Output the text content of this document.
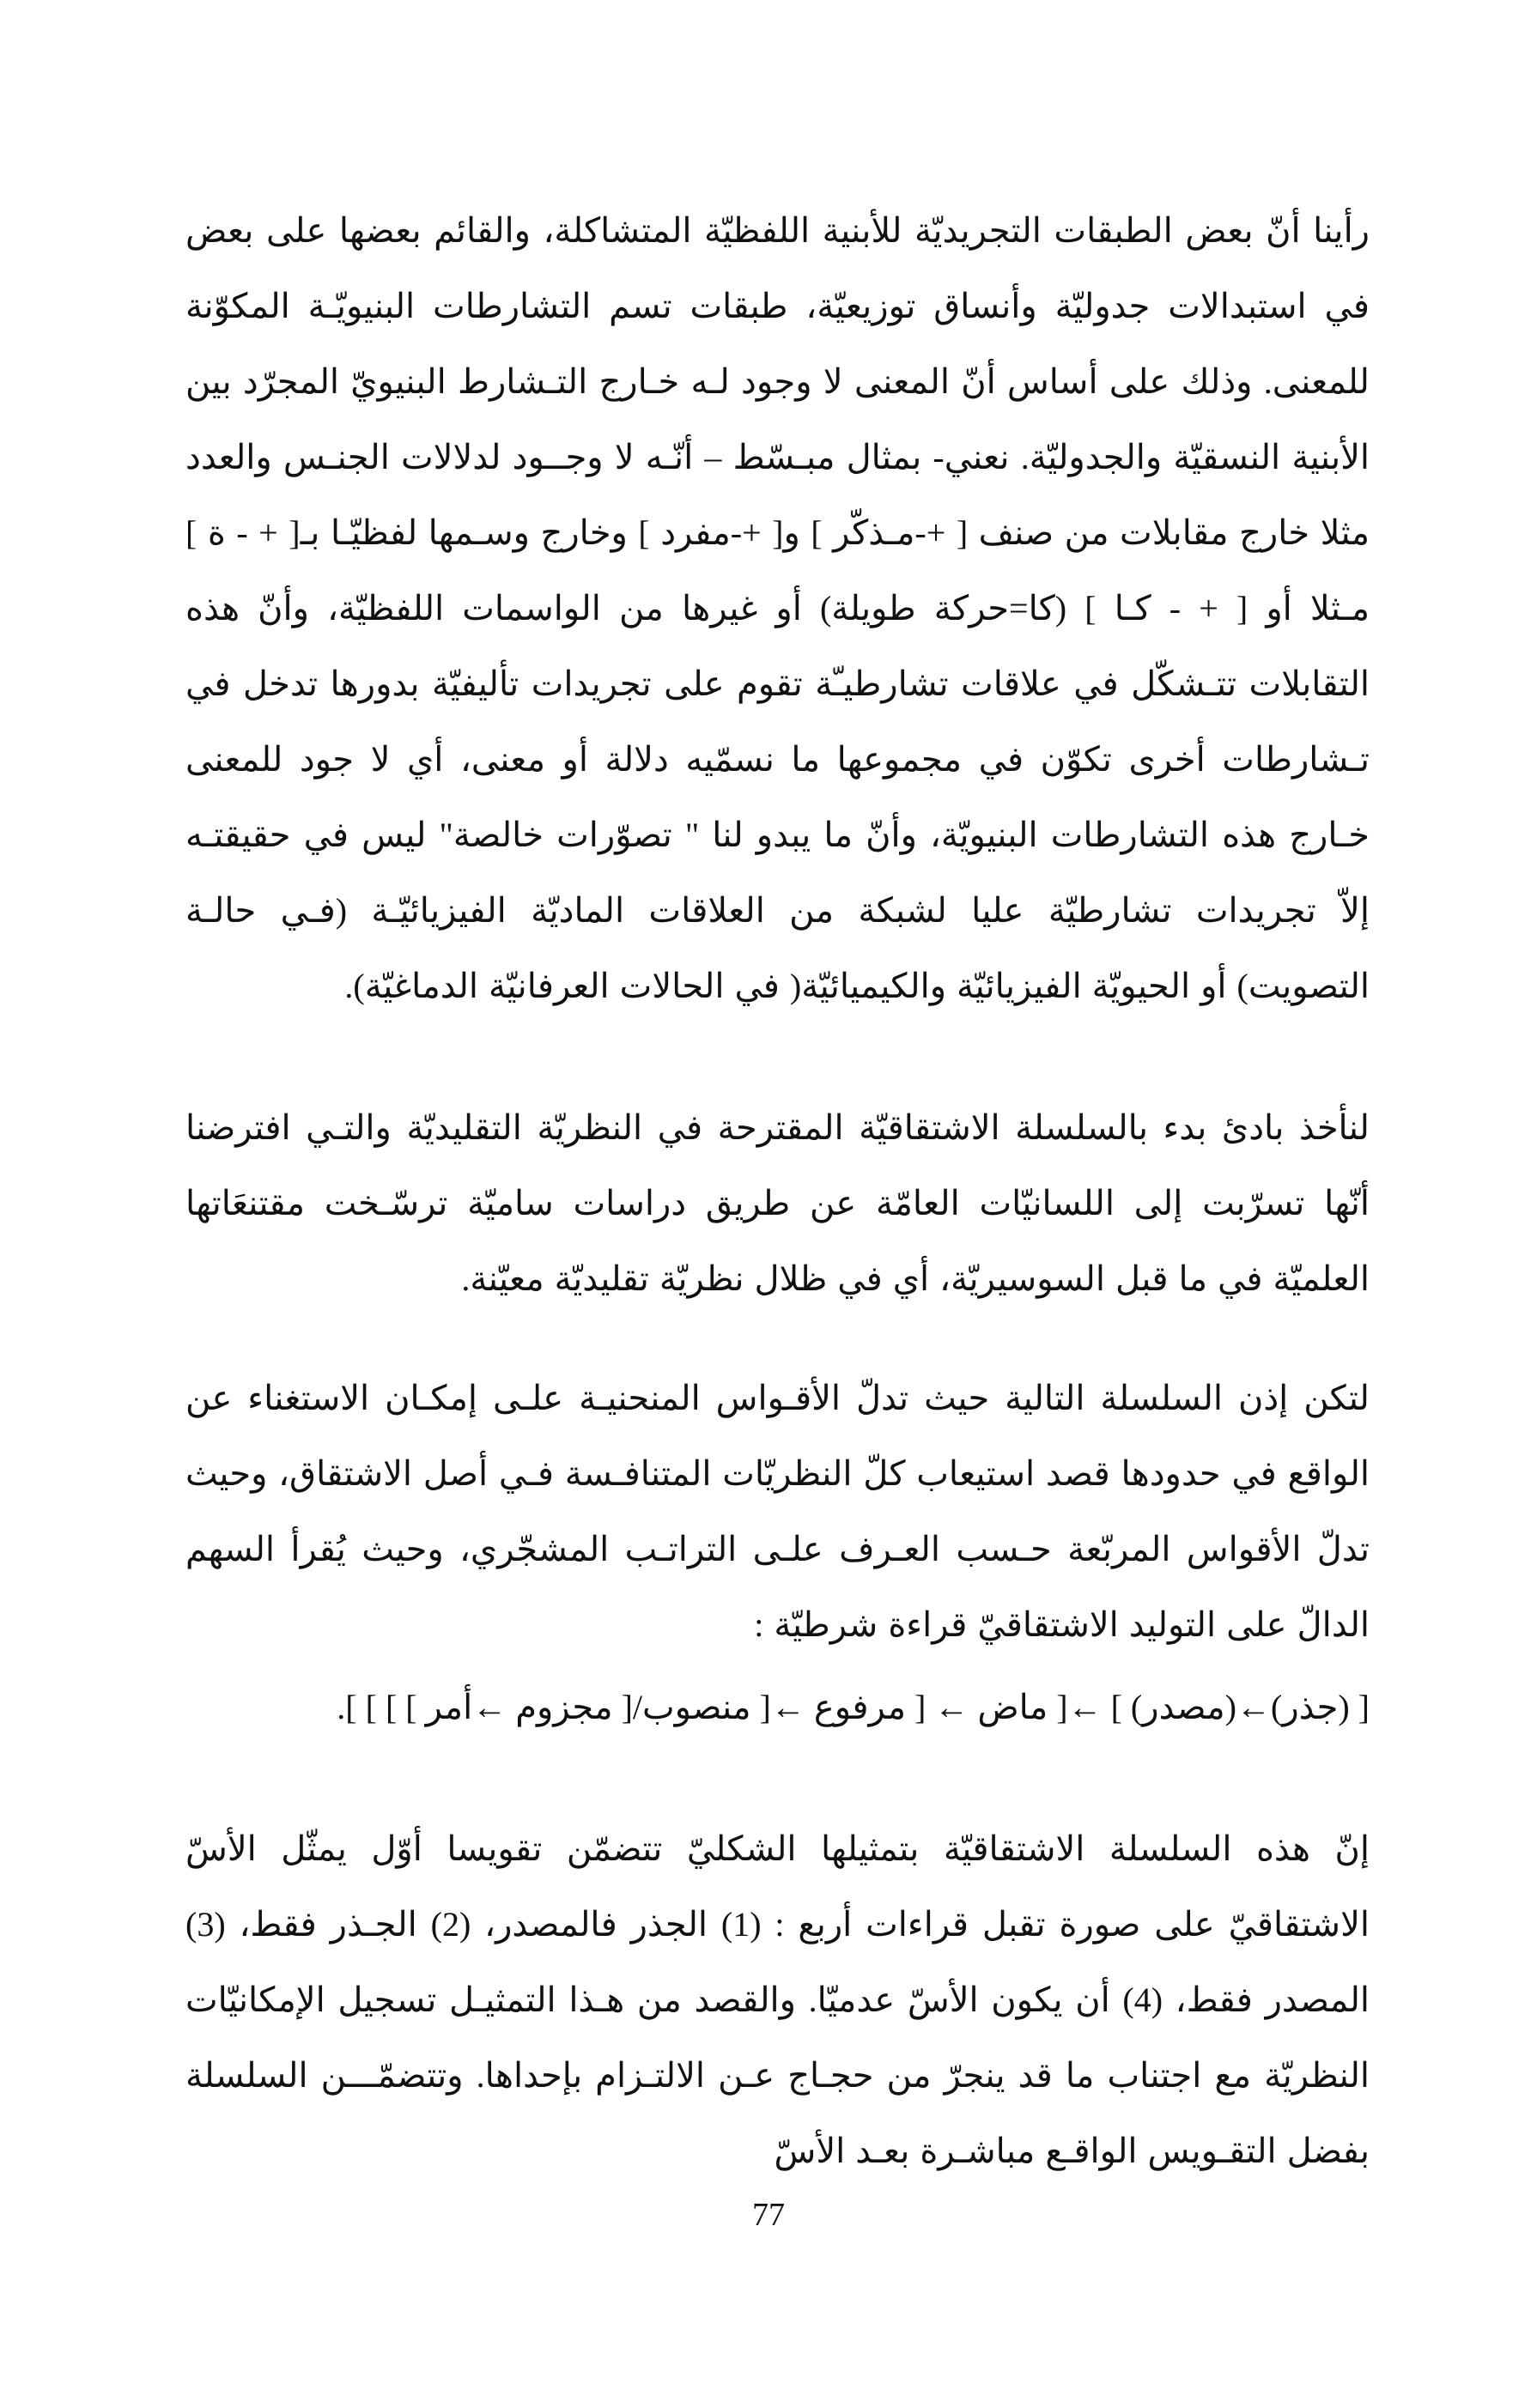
رأينا أنّ بعض الطبقات التجريديّة للأبنية اللفظيّة المتشاكلة، والقائم بعضها على بعض في استبدالات جدوليّة وأنساق توزيعيّة، طبقات تسم التشارطات البنيويّـة المكوّنة للمعنى. وذلك على أساس أنّ المعنى لا وجود لـه خـارج التـشارط البنيويّ المجرّد بين الأبنية النسقيّة والجدوليّة. نعني- بمثال مبـسّط – أنّـه لا وجــود لدلالات الجنـس والعدد مثلا خارج مقابلات من صنف [ +-مـذكّر ] و[ +-مفرد ] وخارج وسـمها لفظيّـا بـ[ + - ة ] مـثلا أو [ + - كـا ] (كا=حركة طويلة) أو غيرها من الواسمات اللفظيّة، وأنّ هذه التقابلات تتـشكّل في علاقات تشارطيـّة تقوم على تجريدات تأليفيّة بدورها تدخل في تـشارطات أخرى تكوّن في مجموعها ما نسمّيه دلالة أو معنى، أي لا جود للمعنى خـارج هذه التشارطات البنيويّة، وأنّ ما يبدو لنا " تصوّرات خالصة" ليس في حقيقتـه إلاّ تجريدات تشارطيّة عليا لشبكة من العلاقات الماديّة الفيزيائيّـة (فـي حالـة التصويت) أو الحيويّة الفيزيائيّة والكيميائيّة( في الحالات العرفانيّة الدماغيّة).

لنأخذ بادئ بدء بالسلسلة الاشتقاقيّة المقترحة في النظريّة التقليديّة والتـي افترضنا أنّها تسرّبت إلى اللسانيّات العامّة عن طريق دراسات ساميّة ترسّـخت مقتنعَاتها العلميّة في ما قبل السوسيريّة، أي في ظلال نظريّة تقليديّة معيّنة.

لتكن إذن السلسلة التالية حيث تدلّ الأقـواس المنحنيـة علـى إمكـان الاستغناء عن الواقع في حدودها قصد استيعاب كلّ النظريّات المتنافـسة فـي أصل الاشتقاق، وحيث تدلّ الأقواس المربّعة حـسب العـرف علـى التراتـب المشجّري، وحيث يُقرأ السهم الدالّ على التوليد الاشتقاقيّ قراءة شرطيّة :

[ (جذر)←(مصدر) ] ←[ ماض ← [ مرفوع ←[ منصوب/[ مجزوم ←أمر ] ] ] ].

إنّ هذه السلسلة الاشتقاقيّة بتمثيلها الشكليّ تتضمّن تقويسا أوّل يمثّل الأسّ الاشتقاقيّ على صورة تقبل قراءات أربع : (1) الجذر فالمصدر، (2) الجـذر فقط، (3) المصدر فقط، (4) أن يكون الأسّ عدميّا. والقصد من هـذا التمثيـل تسجيل الإمكانيّات النظريّة مع اجتناب ما قد ينجرّ من حجـاج عـن الالتـزام بإحداها. وتتضمّـــن السلسلة بفضل التقـويس الواقـع مباشـرة بعـد الأسّ

77
